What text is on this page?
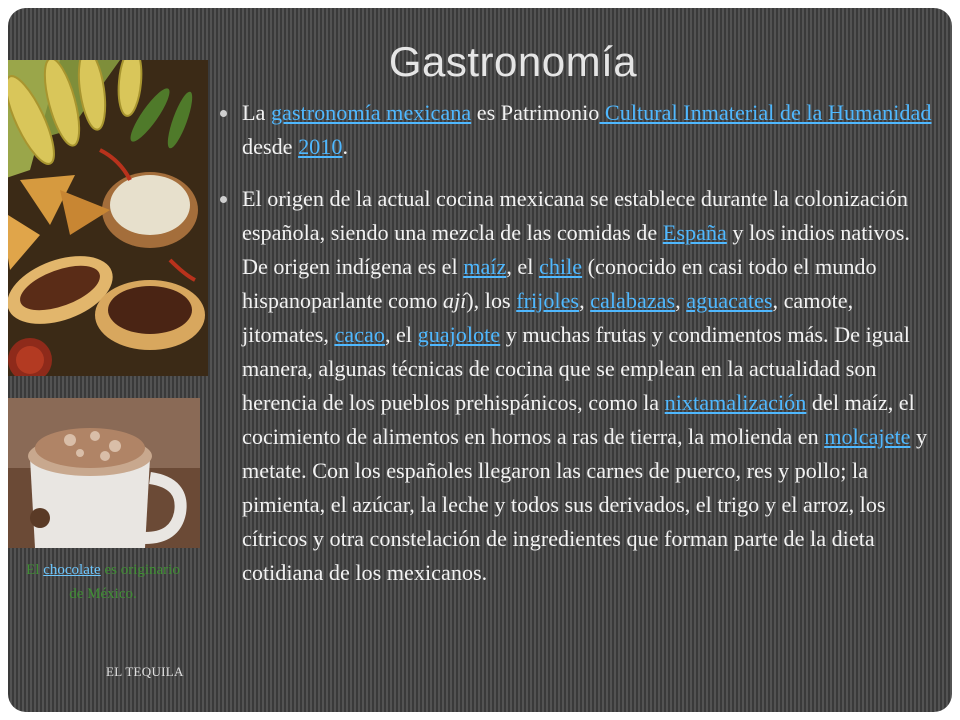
Gastronomía
La gastronomía mexicana es Patrimonio Cultural Inmaterial de la Humanidad desde 2010.
El origen de la actual cocina mexicana se establece durante la colonización española, siendo una mezcla de las comidas de España y los indios nativos. De origen indígena es el maíz, el chile (conocido en casi todo el mundo hispanoparlante como ají), los frijoles, calabazas, aguacates, camote, jitomates, cacao, el guajolote y muchas frutas y condimentos más. De igual manera, algunas técnicas de cocina que se emplean en la actualidad son herencia de los pueblos prehispánicos, como la nixtamalización del maíz, el cocimiento de alimentos en hornos a ras de tierra, la molienda en molcajete y metate. Con los españoles llegaron las carnes de puerco, res y pollo; la pimienta, el azúcar, la leche y todos sus derivados, el trigo y el arroz, los cítricos y otra constelación de ingredientes que forman parte de la dieta cotidiana de los mexicanos.
El chocolate es originario de México.
EL TEQUILA
